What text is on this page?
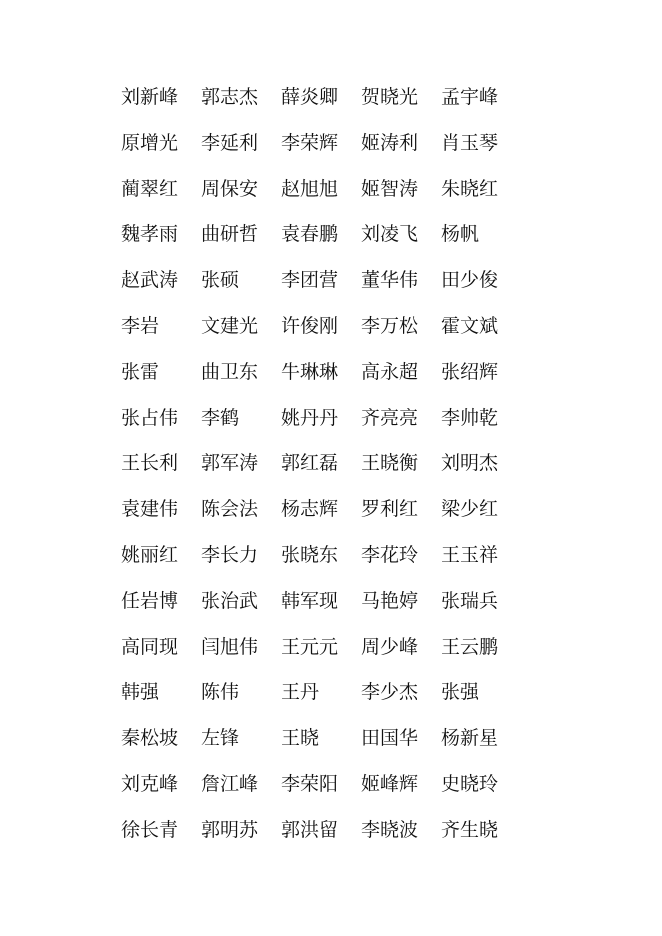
刘新峰	郭志杰	薛炎卿	贺晓光	孟宇峰
原增光	李延利	李荣辉	姬涛利	肖玉琴
蔺翠红	周保安	赵旭旭	姬智涛	朱晓红
魏孝雨	曲研哲	袁春鹏	刘凌飞	杨帆
赵武涛	张硕	李团营	董华伟	田少俊
李岩	文建光	许俊刚	李万松	霍文斌
张雷	曲卫东	牛琳琳	高永超	张绍辉
张占伟	李鹤	姚丹丹	齐亮亮	李帅乾
王长利	郭军涛	郭红磊	王晓衡	刘明杰
袁建伟	陈会法	杨志辉	罗利红	梁少红
姚丽红	李长力	张晓东	李花玲	王玉祥
任岩博	张治武	韩军现	马艳婷	张瑞兵
高同现	闫旭伟	王元元	周少峰	王云鹏
韩强	陈伟	王丹	李少杰	张强
秦松坡	左锋	王晓	田国华	杨新星
刘克峰	詹江峰	李荣阳	姬峰辉	史晓玲
徐长青	郭明苏	郭洪留	李晓波	齐生晓
